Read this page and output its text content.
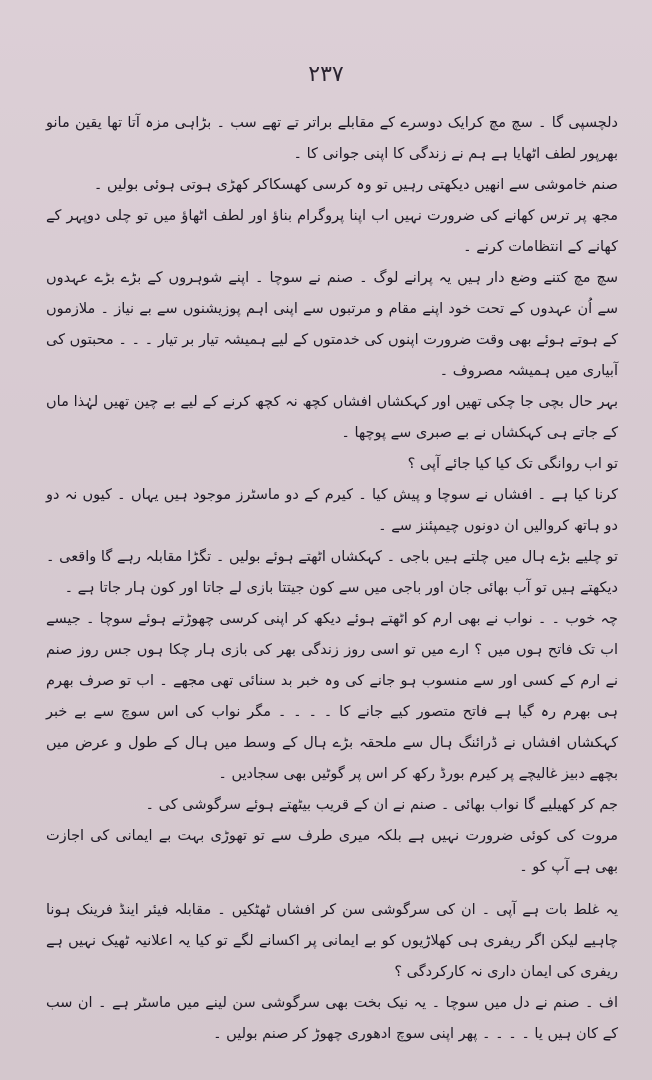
۲۳۷

دلچسپی گا ۔ سچ مچ کرایک دوسرے کے مقابلے براتر تے تھے سب ۔ بڑاہی مزہ آتا تھا یقین مانو بھرپور لطف اٹھایا ہے ہم نے زندگی کا اپنی جوانی کا ۔

صنم خاموشی سے انھیں دیکھتی رہیں تو وہ کرسی کھسکاکر کھڑی ہوتی ہوئی بولیں ۔

مجھ پر ترس کھانے کی ضرورت نہیں اب اپنا پروگرام بناؤ اور لطف اٹھاؤ میں تو چلی دوپہر کے کھانے کے انتظامات کرنے ۔

سچ مچ کتنے وضع دار ہیں یہ پرانے لوگ ۔ صنم نے سوچا ۔ اپنے شوہروں کے بڑے بڑے عہدوں سے اُن عہدوں کے تحت خود اپنے مقام و مرتبوں سے اپنی اہم پوزیشنوں سے بے نیاز ۔ ملازموں کے ہوتے ہوئے بھی وقت ضرورت اپنوں کی خدمتوں کے لیے ہمیشہ تیار بر تیار ۔ ۔ ۔ محبتوں کی آبیاری میں ہمیشہ مصروف ۔

بہر حال بچی جا چکی تھیں اور کہکشاں افشاں کچھ نہ کچھ کرنے کے لیے بے چین تھیں لہٰذا ماں کے جاتے ہی کہکشاں نے بے صبری سے پوچھا ۔

تو اب روانگی تک کیا کیا جائے آپی ؟

کرنا کیا ہے ۔ افشاں نے سوچا و پیش کیا ۔ کیرم کے دو ماسٹرز موجود ہیں یہاں ۔ کیوں نہ دو دو ہاتھ کروالیں ان دونوں چیمپئنز سے ۔

تو چلیے بڑے ہال میں چلتے ہیں باجی ۔ کہکشاں اٹھتے ہوئے بولیں ۔ تگڑا مقابلہ رہے گا واقعی ۔ دیکھتے ہیں تو آب بھائی جان اور باجی میں سے کون جیتتا بازی لے جاتا اور کون ہار جاتا ہے ۔

چہ خوب ۔ ۔ نواب نے بھی ارم کو اٹھتے ہوئے دیکھ کر اپنی کرسی چھوڑتے ہوئے سوچا ۔ جیسے اب تک فاتح ہوں میں ؟ ارے میں تو اسی روز زندگی بھر کی بازی ہار چکا ہوں جس روز صنم نے ارم کے کسی اور سے منسوب ہو جانے کی وہ خبر بد سنائی تھی مجھے ۔ اب تو صرف بھرم ہی بھرم رہ گیا ہے فاتح متصور کیے جانے کا ۔ ۔ ۔ ۔ مگر نواب کی اس سوچ سے بے خبر کہکشاں افشاں نے ڈرائنگ ہال سے ملحقہ بڑے ہال کے وسط میں ہال کے طول و عرض میں بچھے دبیز غالیچے پر کیرم بورڈ رکھ کر اس پر گوٹیں بھی سجادیں ۔

جم کر کھیلیے گا نواب بھائی ۔ صنم نے ان کے قریب بیٹھتے ہوئے سرگوشی کی ۔

مروت کی کوئی ضرورت نہیں ہے بلکہ میری طرف سے تو تھوڑی بہت بے ایمانی کی اجازت بھی ہے آپ کو ۔

یہ غلط بات ہے آپی ۔ ان کی سرگوشی سن کر افشاں ٹھٹکیں ۔ مقابلہ فیئر اینڈ فرینک ہونا چاہیے لیکن اگر ریفری ہی کھلاڑیوں کو بے ایمانی پر اکسانے لگے تو کیا یہ اعلانیہ ٹھیک نہیں ہے ریفری کی ایمان داری نہ کارکردگی ؟

اف ۔ صنم نے دل میں سوچا ۔ یہ نیک بخت بھی سرگوشی سن لینے میں ماسٹر ہے ۔ ان سب کے کان ہیں یا ۔ ۔ ۔ ۔ پھر اپنی سوچ ادھوری چھوڑ کر صنم بولیں ۔
